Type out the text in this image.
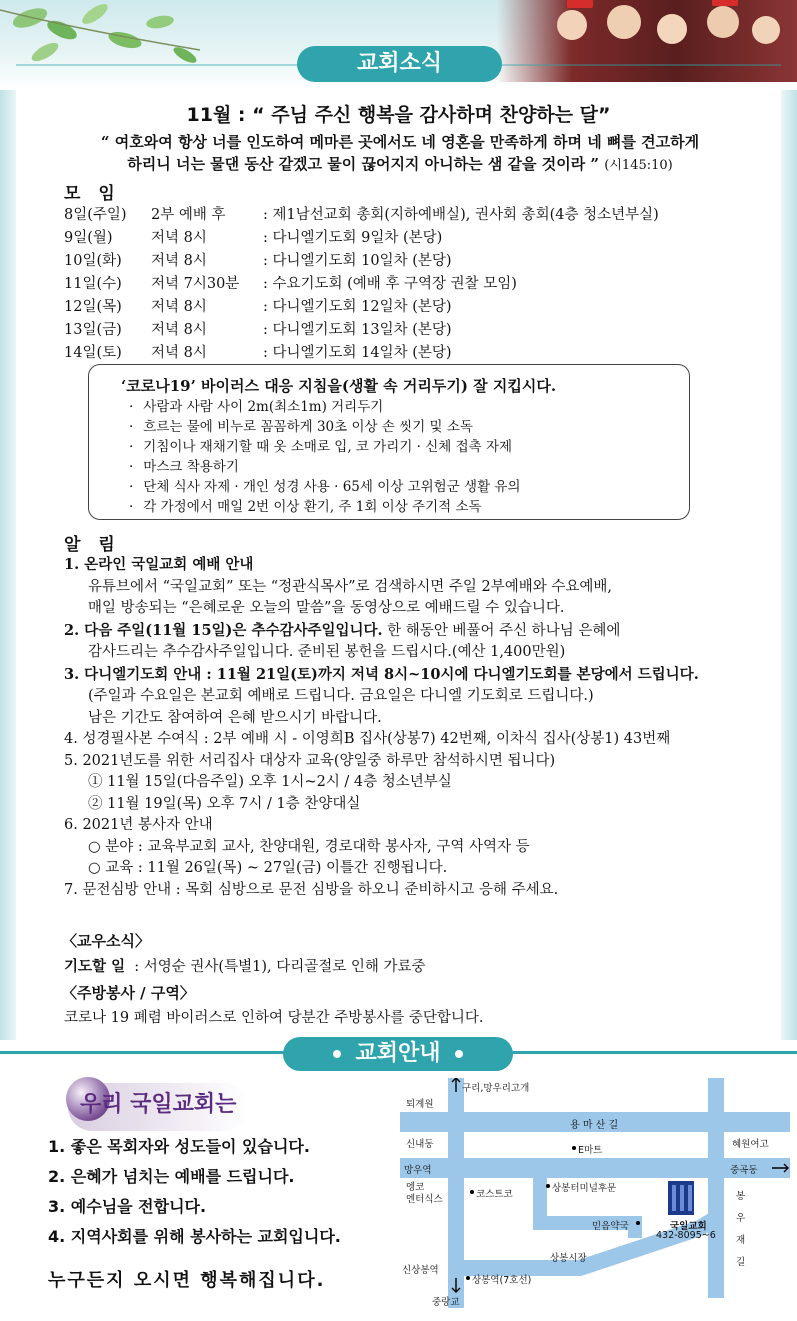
교회소식
11월 : “ 주님 주신 행복을 감사하며 찬양하는 달”
“ 여호와여 항상 너를 인도하여 메마른 곳에서도 네 영혼을 만족하게 하며 네 뼈를 견고하게
하리니 너는 물댄 동산 같겠고 물이 끊어지지 아니하는 샘 같을 것이라 ” (시145:10)
모 임
8일(주일)	2부 예배 후	: 제1남선교회 총회(지하예배실), 권사회 총회(4층 청소년부실)
9일(월)	저녁 8시	: 다니엘기도회 9일차 (본당)
10일(화)	저녁 8시	: 다니엘기도회 10일차 (본당)
11일(수)	저녁 7시30분	: 수요기도회 (예배 후 구역장 권찰 모임)
12일(목)	저녁 8시	: 다니엘기도회 12일차 (본당)
13일(금)	저녁 8시	: 다니엘기도회 13일차 (본당)
14일(토)	저녁 8시	: 다니엘기도회 14일차 (본당)
‘코로나19’ 바이러스 대응 지침을(생활 속 거리두기) 잘 지킵시다.
· 사람과 사람 사이 2m(최소1m) 거리두기
· 흐르는 물에 비누로 꼼꼼하게 30초 이상 손 씻기 및 소독
· 기침이나 재채기할 때 옷 소매로 입, 코 가리기 · 신체 접촉 자제
· 마스크 착용하기
· 단체 식사 자제 · 개인 성경 사용 · 65세 이상 고위험군 생활 유의
· 각 가정에서 매일 2번 이상 환기, 주 1회 이상 주기적 소독
알 림
1. 온라인 국일교회 예배 안내
유튜브에서 “국일교회” 또는 “정관식목사”로 검색하시면 주일 2부예배와 수요예배,
매일 방송되는 “은혜로운 오늘의 말씀”을 동영상으로 예배드릴 수 있습니다.
2. 다음 주일(11월 15일)은 추수감사주일입니다. 한 해동안 베풀어 주신 하나님 은혜에
감사드리는 추수감사주일입니다. 준비된 봉헌을 드립시다.(예산 1,400만원)
3. 다니엘기도회 안내 : 11월 21일(토)까지 저녁 8시~10시에 다니엘기도회를 본당에서 드립니다.
(주일과 수요일은 본교회 예배로 드립니다. 금요일은 다니엘 기도회로 드립니다.)
남은 기간도 참여하여 은혜 받으시기 바랍니다.
4. 성경필사본 수여식 : 2부 예배 시 - 이영희B 집사(상봉7) 42번째, 이차식 집사(상봉1) 43번째
5. 2021년도를 위한 서리집사 대상자 교육(양일중 하루만 참석하시면 됩니다)
① 11월 15일(다음주일) 오후 1시~2시 / 4층 청소년부실
② 11월 19일(목) 오후 7시 / 1층 찬양대실
6. 2021년 봉사자 안내
○ 분야 : 교육부교회 교사, 찬양대원, 경로대학 봉사자, 구역 사역자 등
○ 교육 : 11월 26일(목) ~ 27일(금) 이틀간 진행됩니다.
7. 문전심방 안내 : 목회 심방으로 문전 심방을 하오니 준비하시고 응해 주세요.
〈교우소식〉
기도할 일 : 서영순 권사(특별1), 다리골절로 인해 가료중
〈주방봉사 / 구역〉
코로나 19 폐렴 바이러스로 인하여 당분간 주방봉사를 중단합니다.
교회안내
우리 국일교회는
1. 좋은 목회자와 성도들이 있습니다.
2. 은혜가 넘치는 예배를 드립니다.
3. 예수님을 전합니다.
4. 지역사회를 위해 봉사하는 교회입니다.
누구든지 오시면 행복해집니다.
구리,망우리고개
퇴계원
용 마 산 길
신내동	혜원여고
E마트
망우역	중곡동
엥코
엔터식스	코스트코
상봉터미널후문
국일교회
432-8095~6
믿음약국
봉
우
재
길
상봉시장
신상봉역
상봉역(7호선)
중랑교
